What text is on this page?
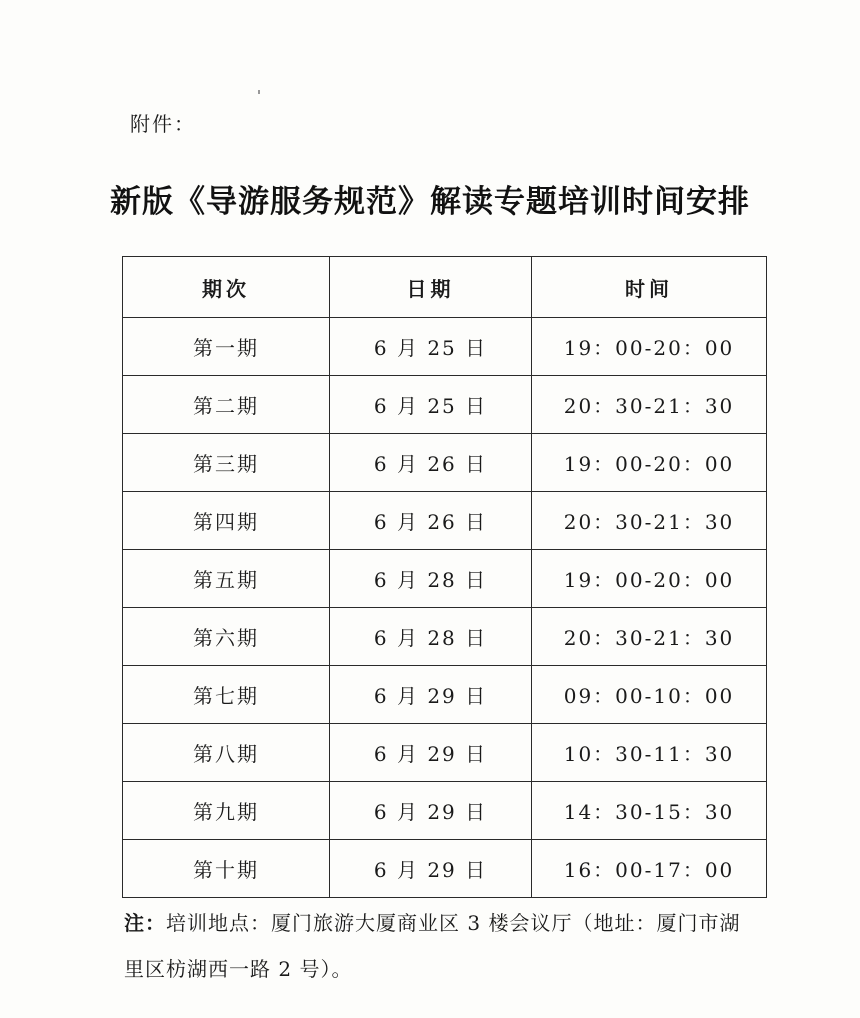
附件：
新版《导游服务规范》解读专题培训时间安排
期次	日期	时间
第一期	6 月 25 日	19：00-20：00
第二期	6 月 25 日	20：30-21：30
第三期	6 月 26 日	19：00-20：00
第四期	6 月 26 日	20：30-21：30
第五期	6 月 28 日	19：00-20：00
第六期	6 月 28 日	20：30-21：30
第七期	6 月 29 日	09：00-10：00
第八期	6 月 29 日	10：30-11：30
第九期	6 月 29 日	14：30-15：30
第十期	6 月 29 日	16：00-17：00
注：培训地点：厦门旅游大厦商业区 3 楼会议厅（地址：厦门市湖里区枋湖西一路 2 号）。
